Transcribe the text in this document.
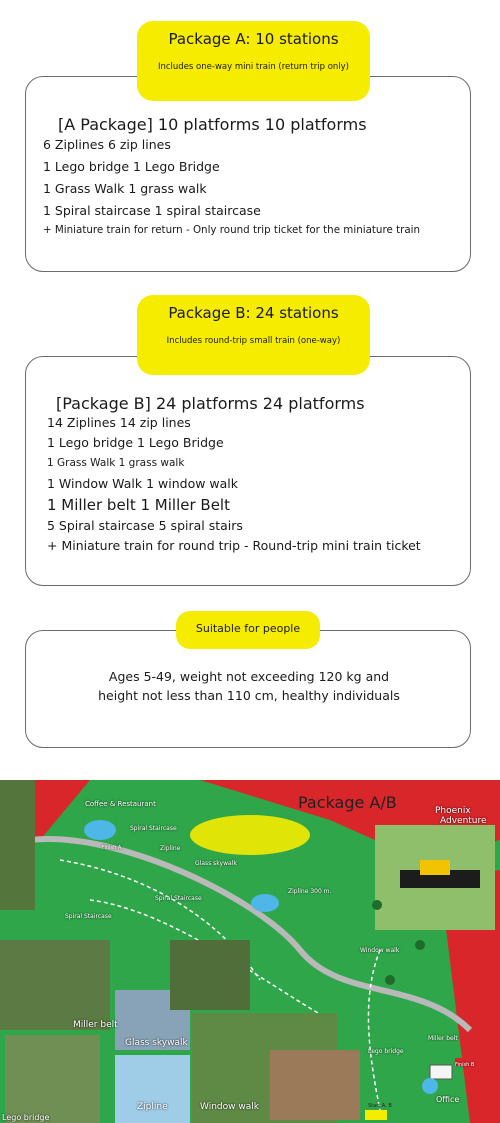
[A Package] 10 platforms 10 platforms
6 Ziplines 6 zip lines
1 Lego bridge 1 Lego Bridge
1 Grass Walk 1 grass walk
1 Spiral staircase 1 spiral staircase
+ Miniature train for return - Only round trip ticket for the miniature train
Package A: 10 stations
Includes one-way mini train (return trip only)
[Package B] 24 platforms 24 platforms
14 Ziplines 14 zip lines
1 Lego bridge 1 Lego Bridge
1 Grass Walk 1 grass walk
1 Window Walk 1 window walk
1 Miller belt 1 Miller Belt
5 Spiral staircase 5 spiral stairs
+ Miniature train for round trip - Round-trip mini train ticket
Package B: 24 stations
Includes round-trip small train (one-way)
Ages 5-49, weight not exceeding 120 kg and
height not less than 110 cm, healthy individuals
Suitable for people
Package A/B	Phoenix
Adventure
Coffee & Restaurant
Zipline
Spiral Staircase
Spiral Staircase
Spiral Staircase
Glass skywalk
Zipline 300 m.
Window walk
Miller belt
Lego bridge
Start A, B
Finish A
Finish B
Office
Miller belt
Glass skywalk
Zipline	Window walk
Lego bridge
